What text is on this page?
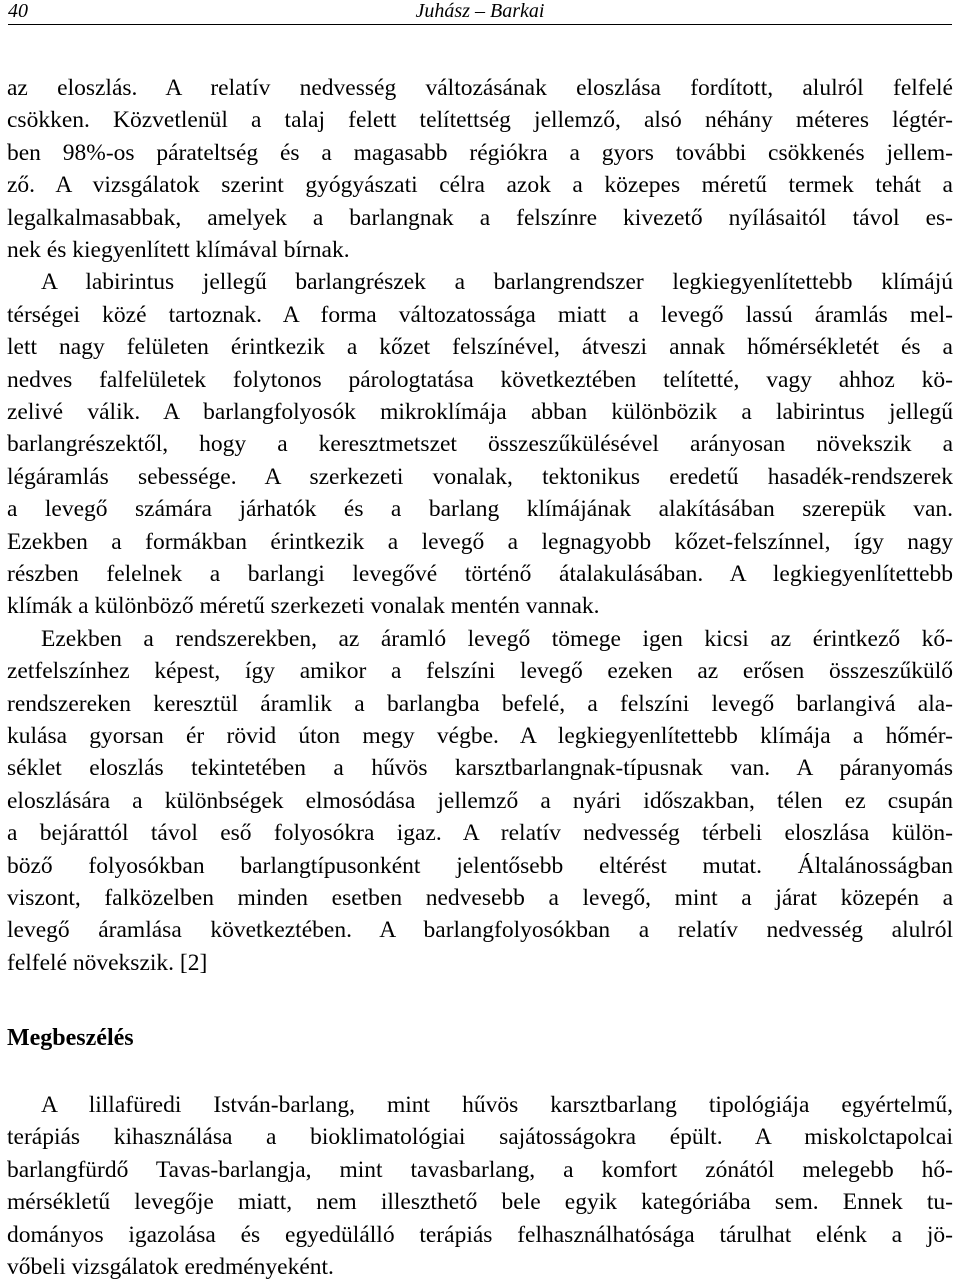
40	Juhász – Barkai
az eloszlás. A relatív nedvesség változásának eloszlása fordított, alulról felfelé
csökken. Közvetlenül a talaj felett telítettség jellemző, alsó néhány méteres légtér-
ben 98%-os párateltség és a magasabb régiókra a gyors további csökkenés jellem-
ző. A vizsgálatok szerint gyógyászati célra azok a közepes méretű termek tehát a
legalkalmasabbak, amelyek a barlangnak a felszínre kivezető nyílásaitól távol es-
nek és kiegyenlített klímával bírnak.
A labirintus jellegű barlangrészek a barlangrendszer legkiegyenlítettebb klímájú
térségei közé tartoznak. A forma változatossága miatt a levegő lassú áramlás mel-
lett nagy felületen érintkezik a kőzet felszínével, átveszi annak hőmérsékletét és a
nedves falfelületek folytonos párologtatása következtében telítetté, vagy ahhoz kö-
zelivé válik. A barlangfolyosók mikroklímája abban különbözik a labirintus jellegű
barlangrészektől, hogy a keresztmetszet összeszűkülésével arányosan növekszik a
légáramlás sebessége. A szerkezeti vonalak, tektonikus eredetű hasadék-rendszerek
a levegő számára járhatók és a barlang klímájának alakításában szerepük van.
Ezekben a formákban érintkezik a levegő a legnagyobb kőzet-felszínnel, így nagy
részben felelnek a barlangi levegővé történő átalakulásában. A legkiegyenlítettebb
klímák a különböző méretű szerkezeti vonalak mentén vannak.
Ezekben a rendszerekben, az áramló levegő tömege igen kicsi az érintkező kő-
zetfelszínhez képest, így amikor a felszíni levegő ezeken az erősen összeszűkülő
rendszereken keresztül áramlik a barlangba befelé, a felszíni levegő barlangivá ala-
kulása gyorsan ér rövid úton megy végbe. A legkiegyenlítettebb klímája a hőmér-
séklet eloszlás tekintetében a hűvös karsztbarlangnak-típusnak van. A páranyomás
eloszlására a különbségek elmosódása jellemző a nyári időszakban, télen ez csupán
a bejárattól távol eső folyosókra igaz. A relatív nedvesség térbeli eloszlása külön-
böző folyosókban barlangtípusonként jelentősebb eltérést mutat. Általánosságban
viszont, falközelben minden esetben nedvesebb a levegő, mint a járat közepén a
levegő áramlása következtében. A barlangfolyosókban a relatív nedvesség alulról
felfelé növekszik. [2]
Megbeszélés
A lillafüredi István-barlang, mint hűvös karsztbarlang tipológiája egyértelmű,
terápiás kihasználása a bioklimatológiai sajátosságokra épült. A miskolctapolcai
barlangfürdő Tavas-barlangja, mint tavasbarlang, a komfort zónától melegebb hő-
mérsékletű levegője miatt, nem illeszthető bele egyik kategóriába sem. Ennek tu-
dományos igazolása és egyedülálló terápiás felhasználhatósága tárulhat elénk a jö-
vőbeli vizsgálatok eredményeként.
